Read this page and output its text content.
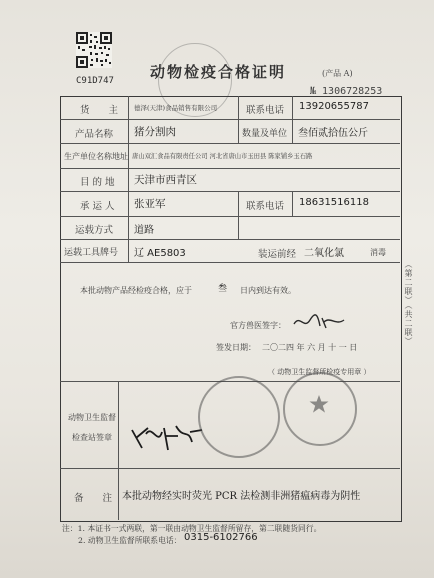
C91D747 动物检疫合格证明	(产品 A)
№ 1306728253
货　　主 德泽(天津)食品销售有限公司	联系电话 13920655787
产品名称 猪分割肉	数量及单位 叁佰贰拾伍公斤
生产单位名称地址 唐山双汇食品有限责任公司 河北省唐山市玉田县 陈家铺乡玉石路
目 的 地 天津市西青区
承 运 人 张亚军	联系电话 18631516118
运载方式 道路
运载工具牌号 辽 AE5803	装运前经 二氧化氯	消毒
本批动物产品经检疫合格，应于	叁 日内到达有效。
官方兽医签字：
签发日期： 二〇二四 年 六 月 十 一 日
（ 动物卫生监督所检疫专用章 ）
动物卫生监督
检查站签章
备　　注 本批动物经实时荧光 PCR 法检测非洲猪瘟病毒为阴性
注：1. 本证书一式两联，第一联由动物卫生监督所留存，第二联随货同行。
2. 动物卫生监督所联系电话： 0315-6102766
（第二联）（共二联）
